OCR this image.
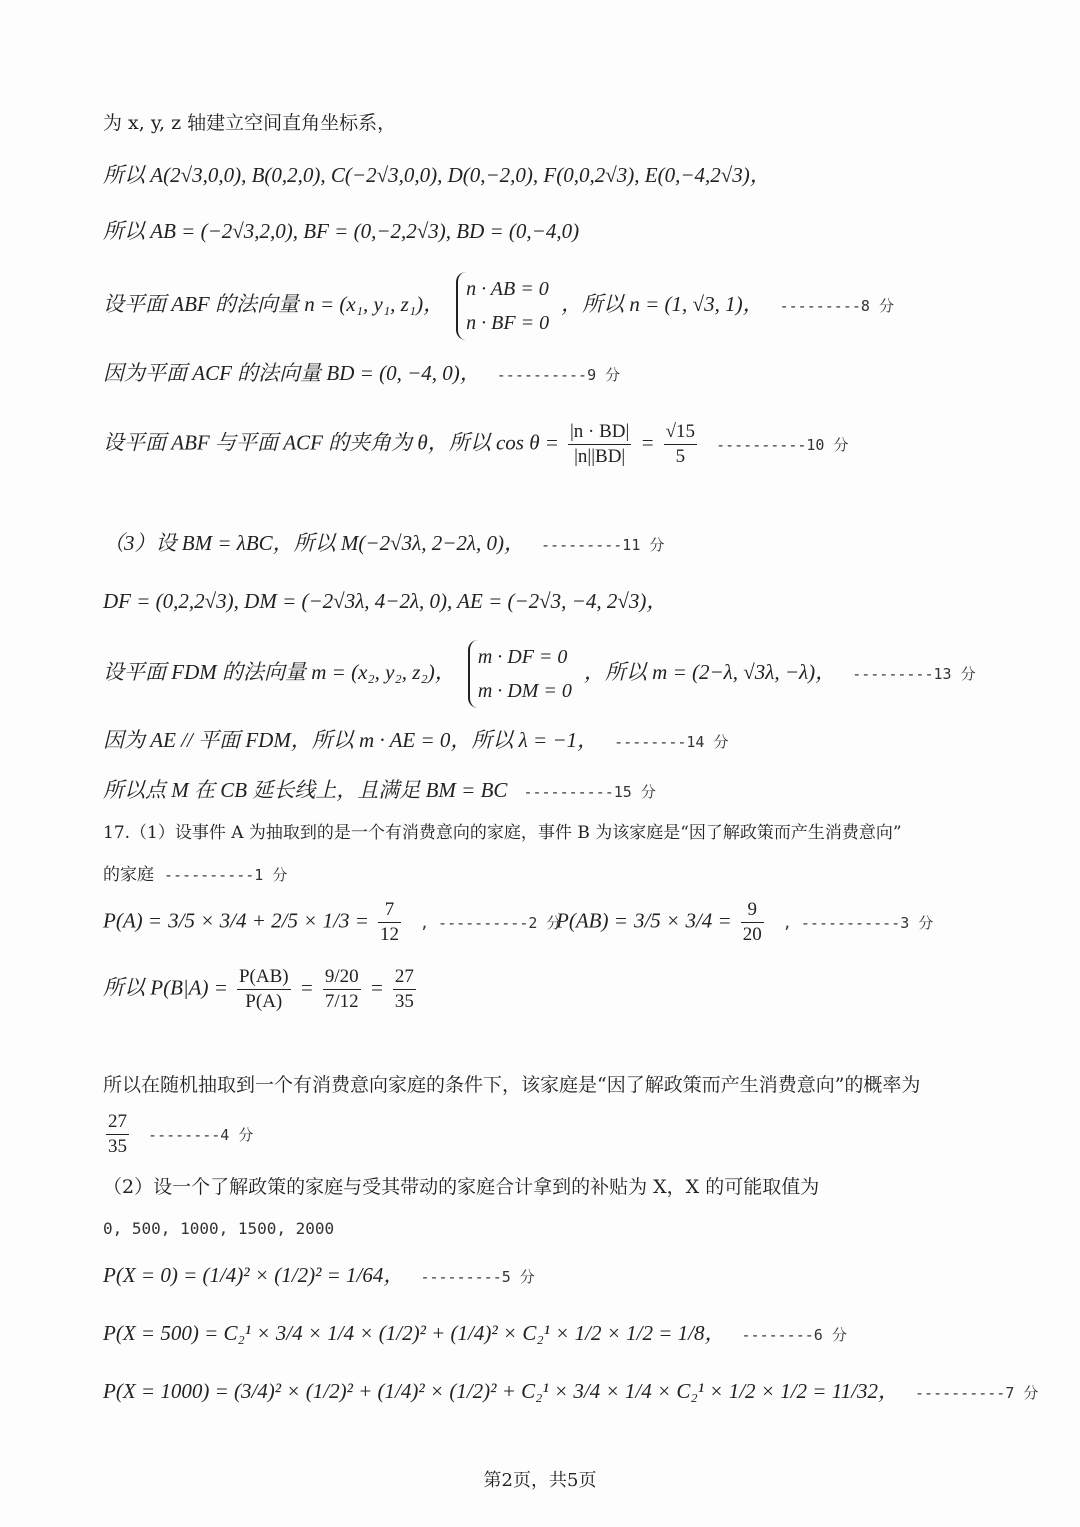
为 x, y, z 轴建立空间直角坐标系，
所以 A(2√3,0,0), B(0,2,0), C(−2√3,0,0), D(0,−2,0), F(0,0,2√3), E(0,−4,2√3)，
所以 AB = (−2√3,2,0), BF = (0,−2,2√3), BD = (0,−4,0)
设平面 ABF 的法向量 n = (x₁, y₁, z₁)， n · AB = 0
n · BF = 0 ，所以 n = (1, √3, 1)， ---------8 分
因为平面 ACF 的法向量 BD = (0, −4, 0)， ----------9 分
设平面 ABF 与平面 ACF 的夹角为 θ，所以 $\cos \theta = \frac{|n \cdot BD|}{|n||BD|} = \frac{√15}{5} ----------10$ 分
（3）设 BM = λBC，所以 M(−2√3λ, 2−2λ, 0)， ---------11 分
DF = (0,2,2√3), DM = (−2√3λ, 4−2λ, 0), AE = (−2√3, −4, 2√3)，
设平面 FDM 的法向量 m = (x₂, y₂, z₂)， m · DF = 0
m · DM = 0 ，所以 m = (2−λ, √3λ, −λ)， ---------13 分
因为 AE // 平面 FDM，所以 m · AE = 0，所以 λ = −1， --------14 分
所以点 M 在 CB 延长线上，且满足 BM = BC ----------15 分
17.（1）设事件 A 为抽取到的是一个有消费意向的家庭，事件 B 为该家庭是“因了解政策而产生消费意向”
的家庭 ----------1 分
$P(A) = 3/5 \times 3/4 + 2/5 \times 1/3 = \frac{7}{12}$ , ----------2 分
$P(AB) = 3/5 \times 3/4 = \frac{9}{20}$ , -----------3 分
所以 $P(B|A) = \frac{P(AB)}{P(A)} = \frac{9/20}{7/12} = \frac{27}{35}$
所以在随机抽取到一个有消费意向家庭的条件下，该家庭是“因了解政策而产生消费意向”的概率为
$\frac{27}{35} --------4$ 分
（2）设一个了解政策的家庭与受其带动的家庭合计拿到的补贴为 X，X 的可能取值为
0, 500, 1000, 1500, 2000
P(X = 0) = (1/4)² × (1/2)² = 1/64， ---------5 分
P(X = 500) = C₂¹ × 3/4 × 1/4 × (1/2)² + (1/4)² × C₂¹ × 1/2 × 1/2 = 1/8， --------6 分
P(X = 1000) = (3/4)² × (1/2)² + (1/4)² × (1/2)² + C₂¹ × 3/4 × 1/4 × C₂¹ × 1/2 × 1/2 = 11/32， ----------7 分
第2页，共5页
